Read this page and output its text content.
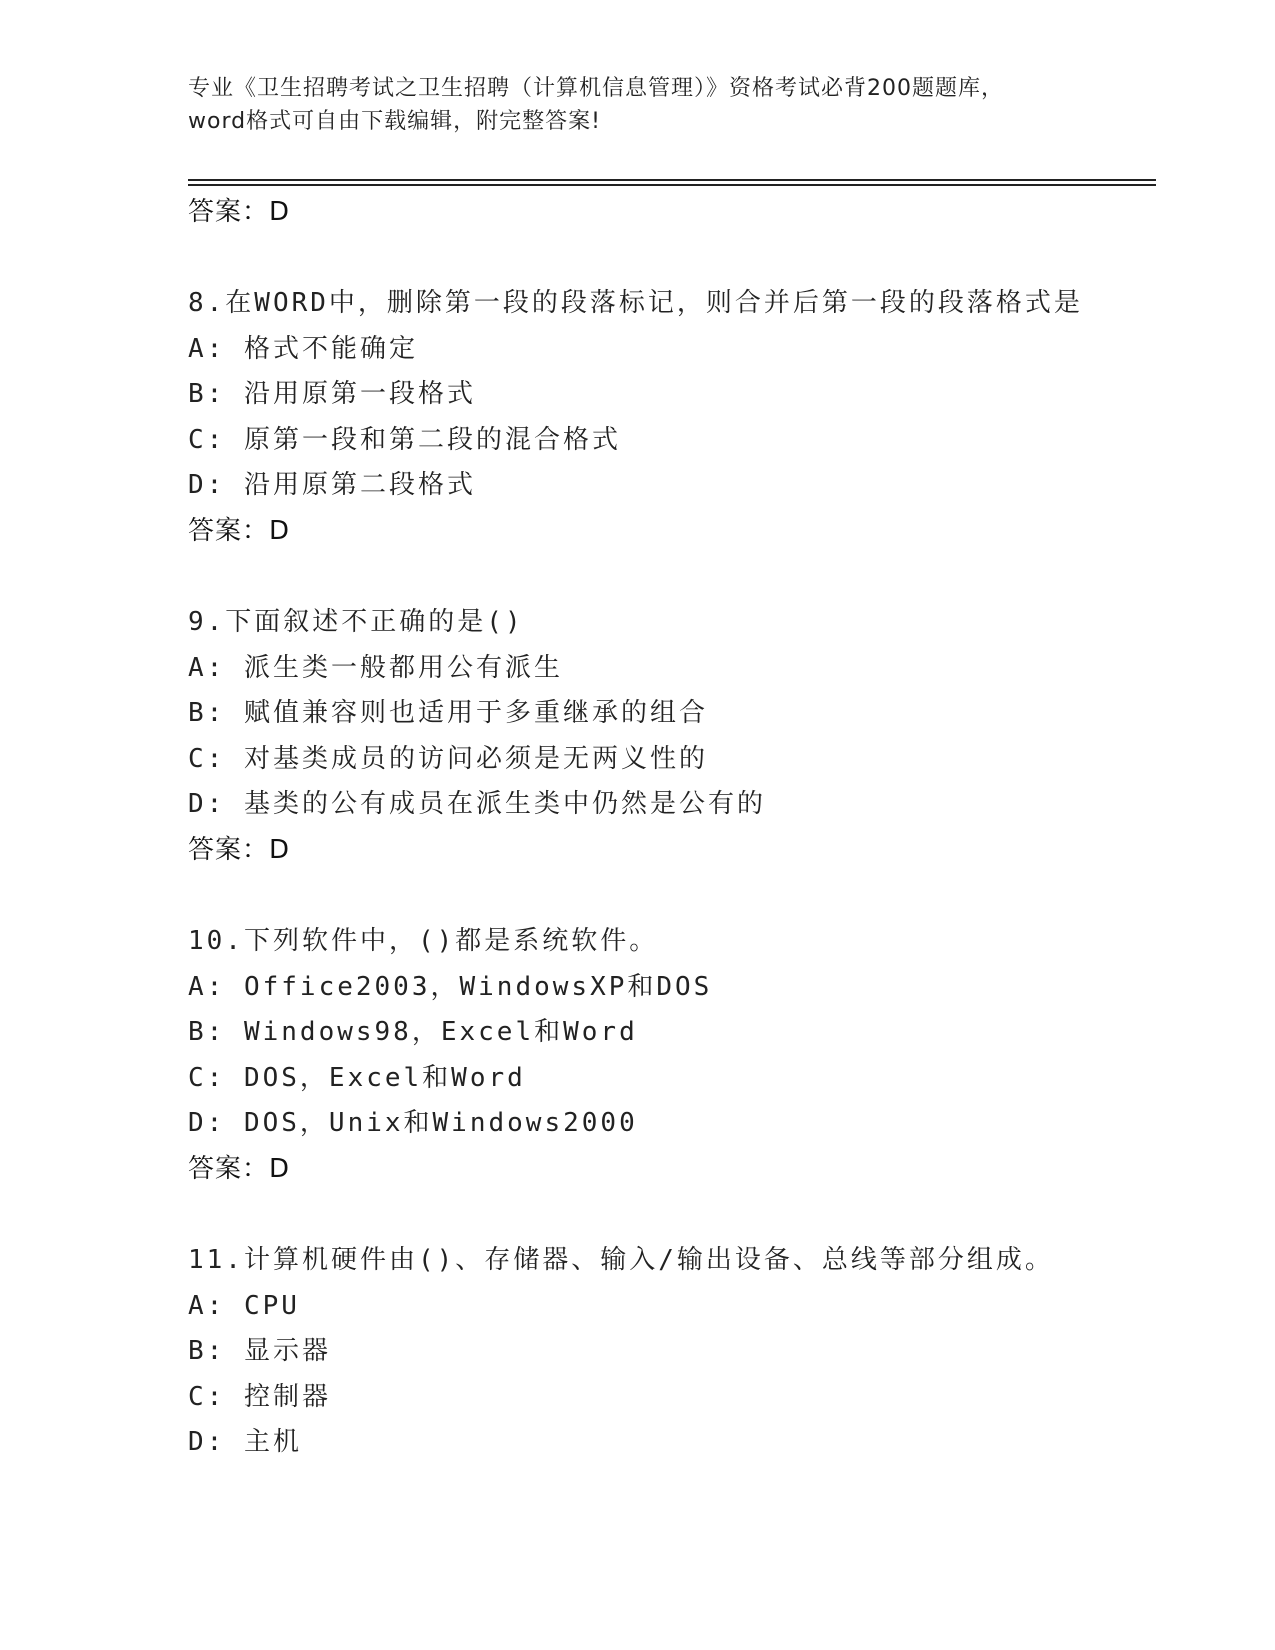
专业《卫生招聘考试之卫生招聘（计算机信息管理）》资格考试必背200题题库，
word格式可自由下载编辑，附完整答案!
答案：D
8.在WORD中，删除第一段的段落标记，则合并后第一段的段落格式是
A: 格式不能确定
B: 沿用原第一段格式
C: 原第一段和第二段的混合格式
D: 沿用原第二段格式
答案：D
9.下面叙述不正确的是()
A: 派生类一般都用公有派生
B: 赋值兼容则也适用于多重继承的组合
C: 对基类成员的访问必须是无两义性的
D: 基类的公有成员在派生类中仍然是公有的
答案：D
10.下列软件中，()都是系统软件。
A: Office2003，WindowsXP和DOS
B: Windows98，Excel和Word
C: DOS，Excel和Word
D: DOS，Unix和Windows2000
答案：D
11.计算机硬件由()、存储器、输入/输出设备、总线等部分组成。
A: CPU
B: 显示器
C: 控制器
D: 主机
